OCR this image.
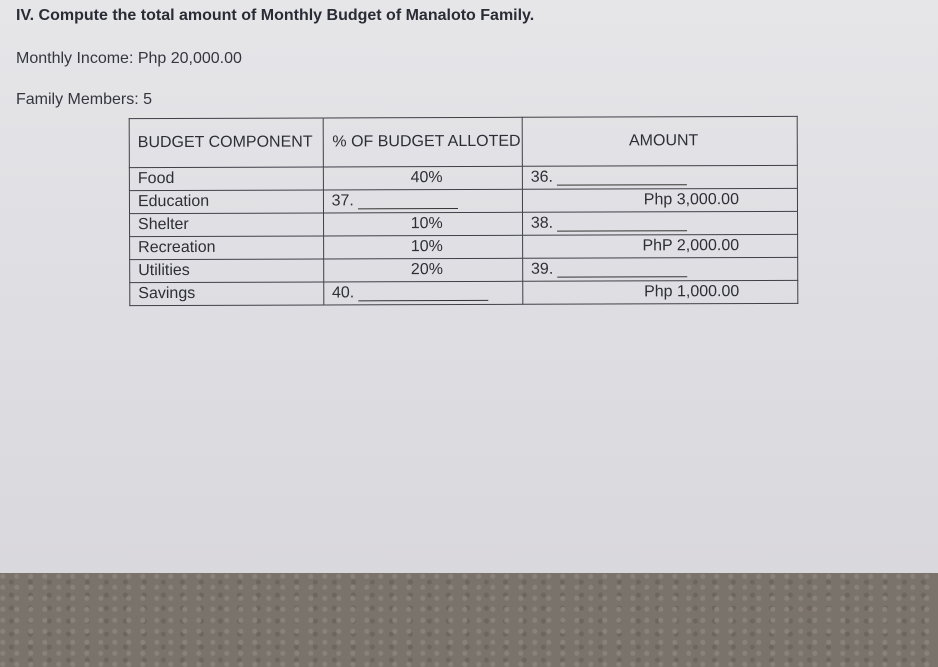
IV. Compute the total amount of Monthly Budget of Manaloto Family.
Monthly Income: Php 20,000.00
Family Members: 5
BUDGET COMPONENT	% OF BUDGET ALLOTED	AMOUNT
Food	40%	36.

Education	37.	Php 3,000.00
Shelter	10%	38.

Recreation	10%	PhP 2,000.00
Utilities	20%	39.

Savings	40.	Php 1,000.00
